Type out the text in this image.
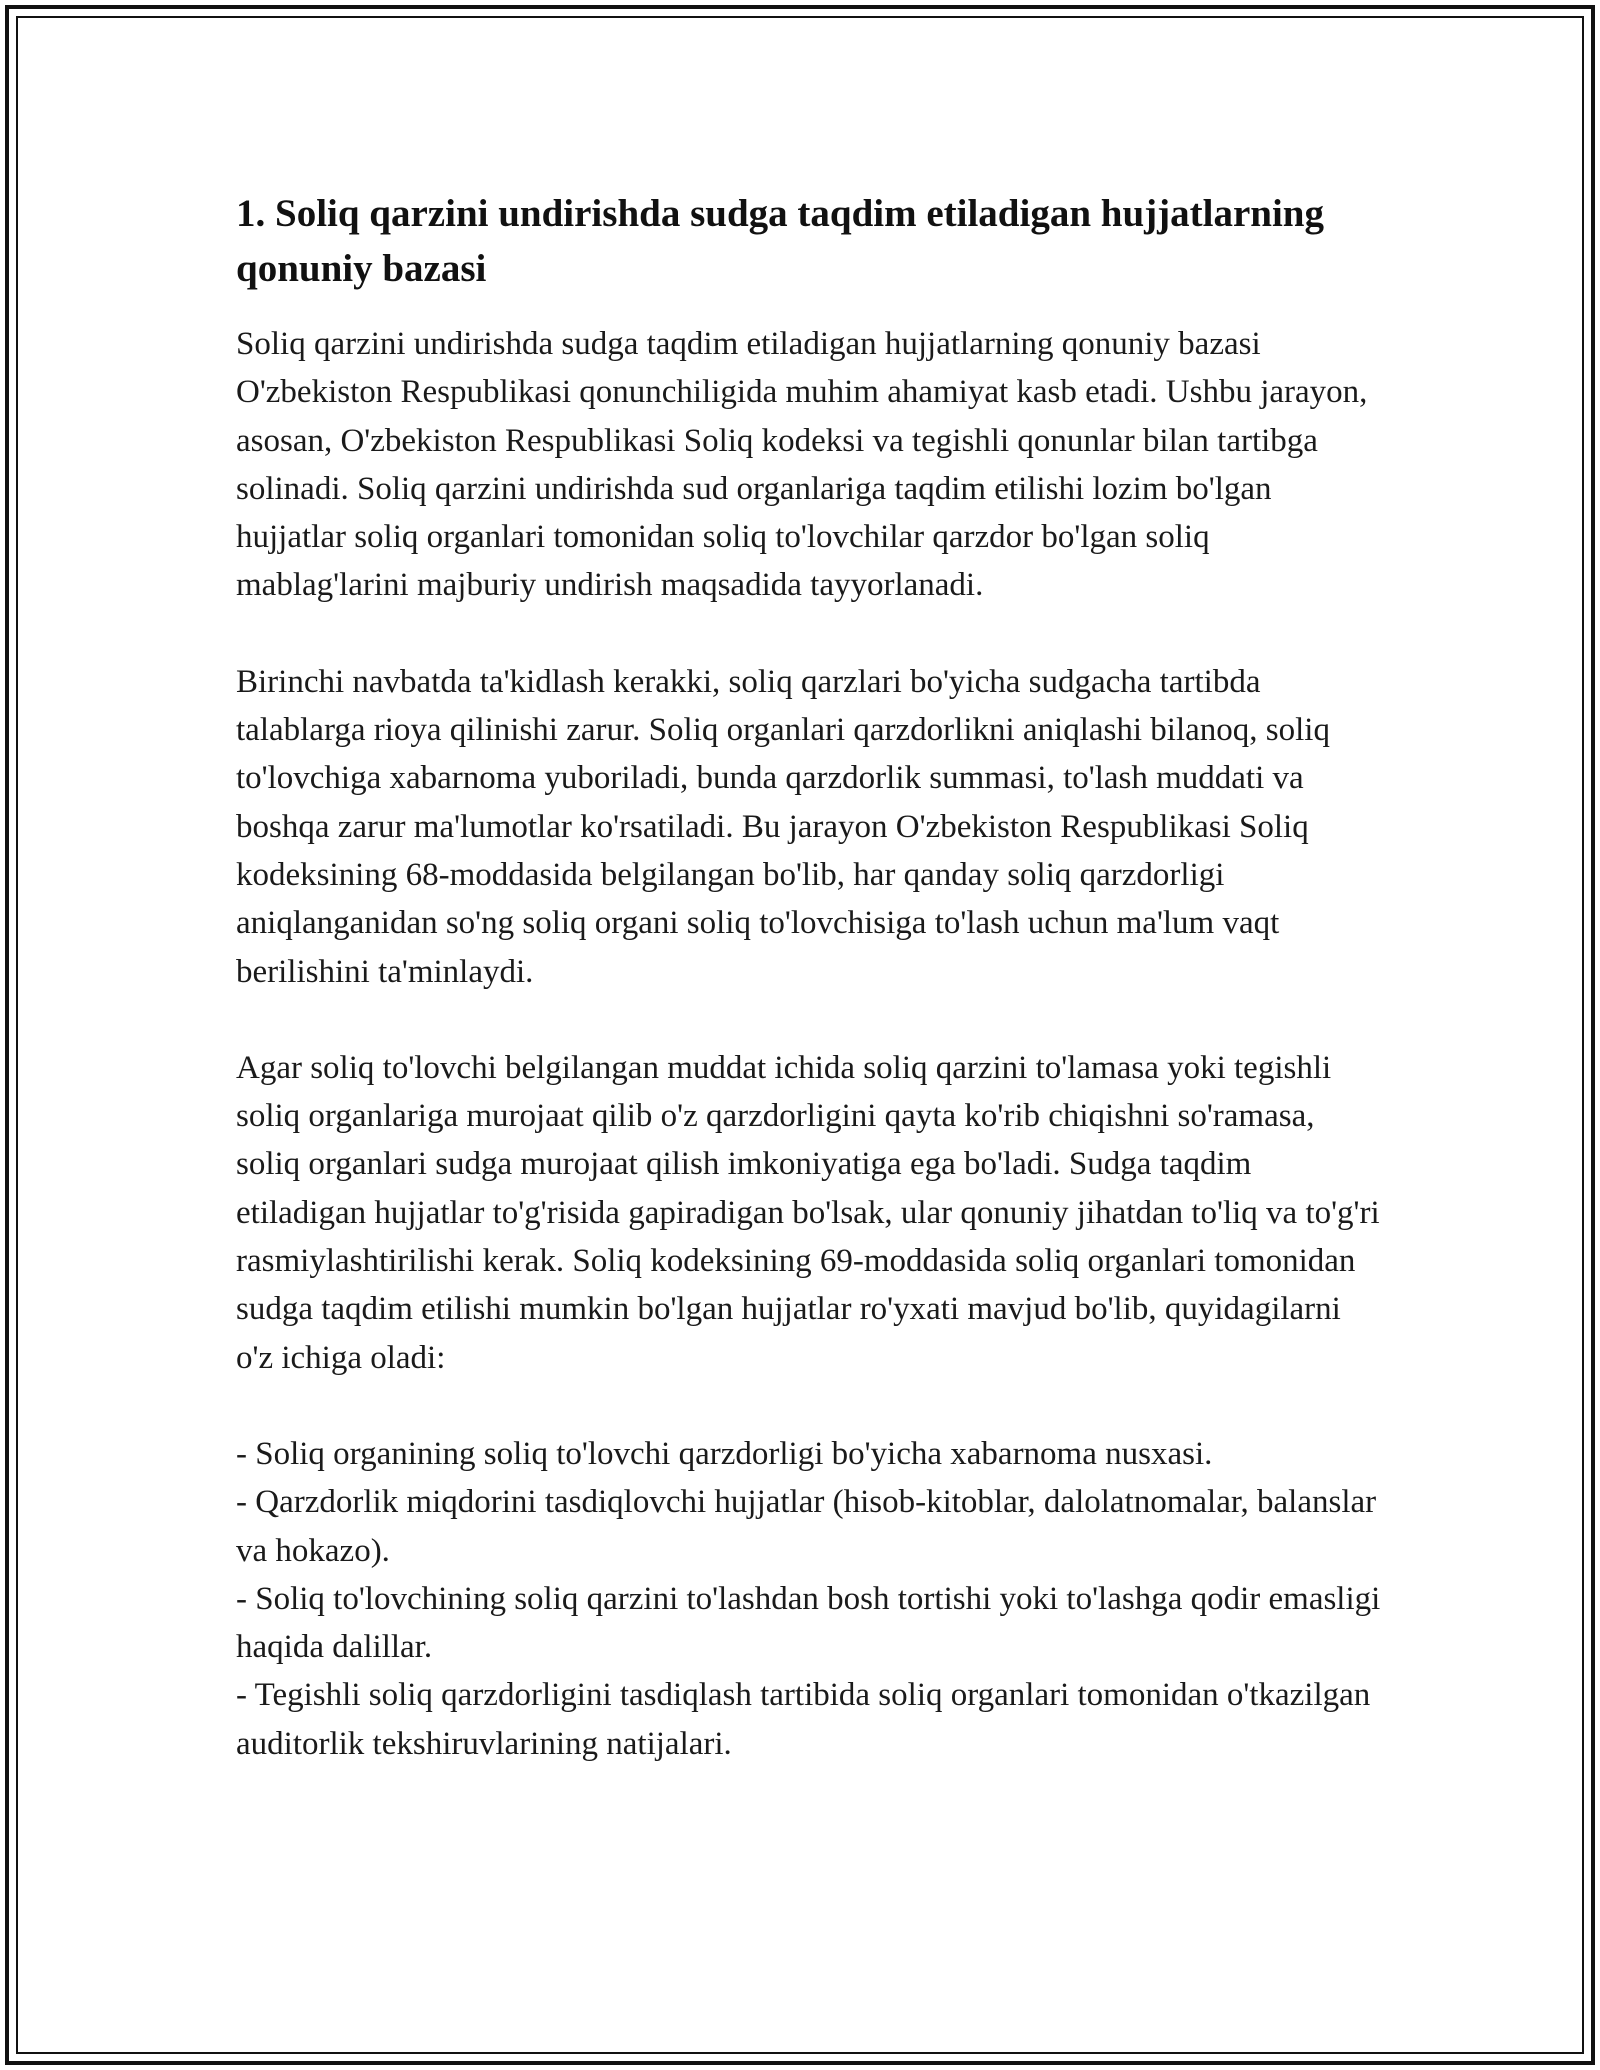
1. Soliq qarzini undirishda sudga taqdim etiladigan hujjatlarning qonuniy bazasi

Soliq qarzini undirishda sudga taqdim etiladigan hujjatlarning qonuniy bazasi O'zbekiston Respublikasi qonunchiligida muhim ahamiyat kasb etadi. Ushbu jarayon, asosan, O'zbekiston Respublikasi Soliq kodeksi va tegishli qonunlar bilan tartibga solinadi. Soliq qarzini undirishda sud organlariga taqdim etilishi lozim bo'lgan hujjatlar soliq organlari tomonidan soliq to'lovchilar qarzdor bo'lgan soliq mablag'larini majburiy undirish maqsadida tayyorlanadi.

Birinchi navbatda ta'kidlash kerakki, soliq qarzlari bo'yicha sudgacha tartibda talablarga rioya qilinishi zarur. Soliq organlari qarzdorlikni aniqlashi bilanoq, soliq to'lovchiga xabarnoma yuboriladi, bunda qarzdorlik summasi, to'lash muddati va boshqa zarur ma'lumotlar ko'rsatiladi. Bu jarayon O'zbekiston Respublikasi Soliq kodeksining 68-moddasida belgilangan bo'lib, har qanday soliq qarzdorligi aniqlanganidan so'ng soliq organi soliq to'lovchisiga to'lash uchun ma'lum vaqt berilishini ta'minlaydi.

Agar soliq to'lovchi belgilangan muddat ichida soliq qarzini to'lamasa yoki tegishli soliq organlariga murojaat qilib o'z qarzdorligini qayta ko'rib chiqishni so'ramasa, soliq organlari sudga murojaat qilish imkoniyatiga ega bo'ladi. Sudga taqdim etiladigan hujjatlar to'g'risida gapiradigan bo'lsak, ular qonuniy jihatdan to'liq va to'g'ri rasmiylashtirilishi kerak. Soliq kodeksining 69-moddasida soliq organlari tomonidan sudga taqdim etilishi mumkin bo'lgan hujjatlar ro'yxati mavjud bo'lib, quyidagilarni o'z ichiga oladi:

- Soliq organining soliq to'lovchi qarzdorligi bo'yicha xabarnoma nusxasi.
- Qarzdorlik miqdorini tasdiqlovchi hujjatlar (hisob-kitoblar, dalolatnomalar, balanslar va hokazo).
- Soliq to'lovchining soliq qarzini to'lashdan bosh tortishi yoki to'lashga qodir emasligi haqida dalillar.
- Tegishli soliq qarzdorligini tasdiqlash tartibida soliq organlari tomonidan o'tkazilgan auditorlik tekshiruvlarining natijalari.
